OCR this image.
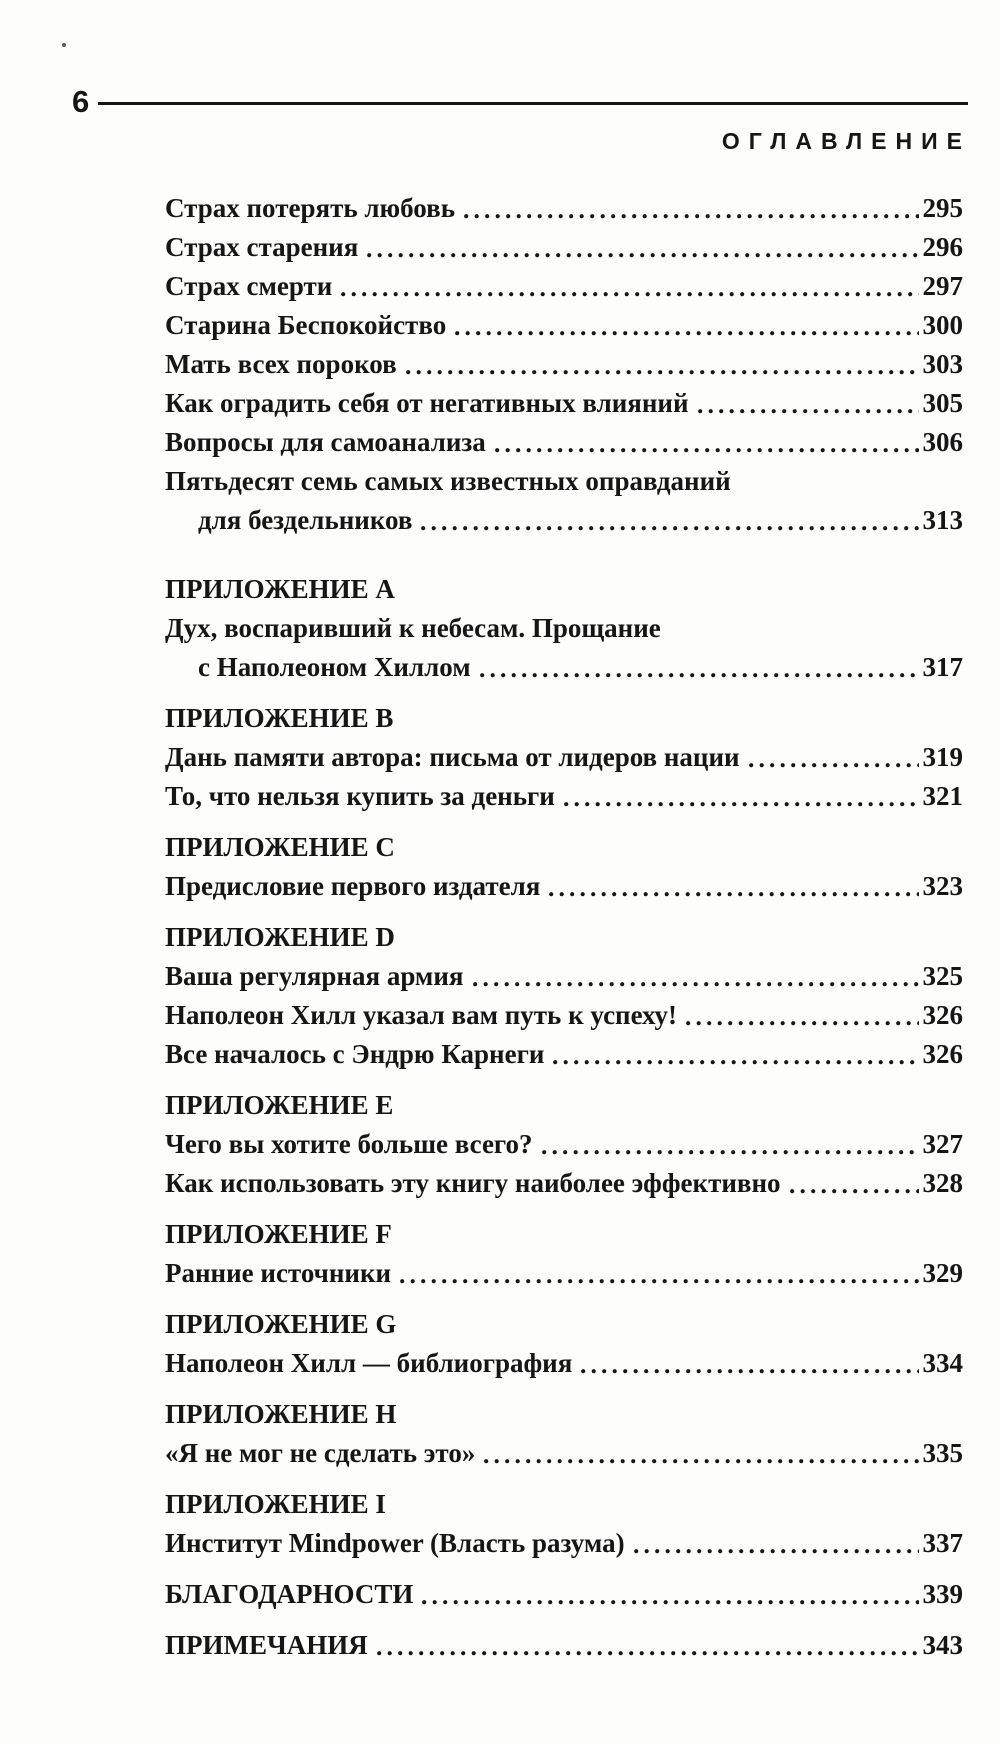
6
ОГЛАВЛЕНИЕ
Страх потерять любовь	295
Страх старения	296
Страх смерти	297
Старина Беспокойство	300
Мать всех пороков	303
Как оградить себя от негативных влияний	305
Вопросы для самоанализа	306
Пятьдесят семь самых известных оправданий
для бездельников	313
ПРИЛОЖЕНИЕ A
Дух, воспаривший к небесам. Прощание
с Наполеоном Хиллом	317
ПРИЛОЖЕНИЕ B
Дань памяти автора: письма от лидеров нации	319
То, что нельзя купить за деньги	321
ПРИЛОЖЕНИЕ C
Предисловие первого издателя	323
ПРИЛОЖЕНИЕ D
Ваша регулярная армия	325
Наполеон Хилл указал вам путь к успеху!	326
Все началось с Эндрю Карнеги	326
ПРИЛОЖЕНИЕ E
Чего вы хотите больше всего?	327
Как использовать эту книгу наиболее эффективно	328
ПРИЛОЖЕНИЕ F
Ранние источники	329
ПРИЛОЖЕНИЕ G
Наполеон Хилл — библиография	334
ПРИЛОЖЕНИЕ H
«Я не мог не сделать это»	335
ПРИЛОЖЕНИЕ I
Институт Mindpower (Власть разума)	337
БЛАГОДАРНОСТИ	339
ПРИМЕЧАНИЯ	343
